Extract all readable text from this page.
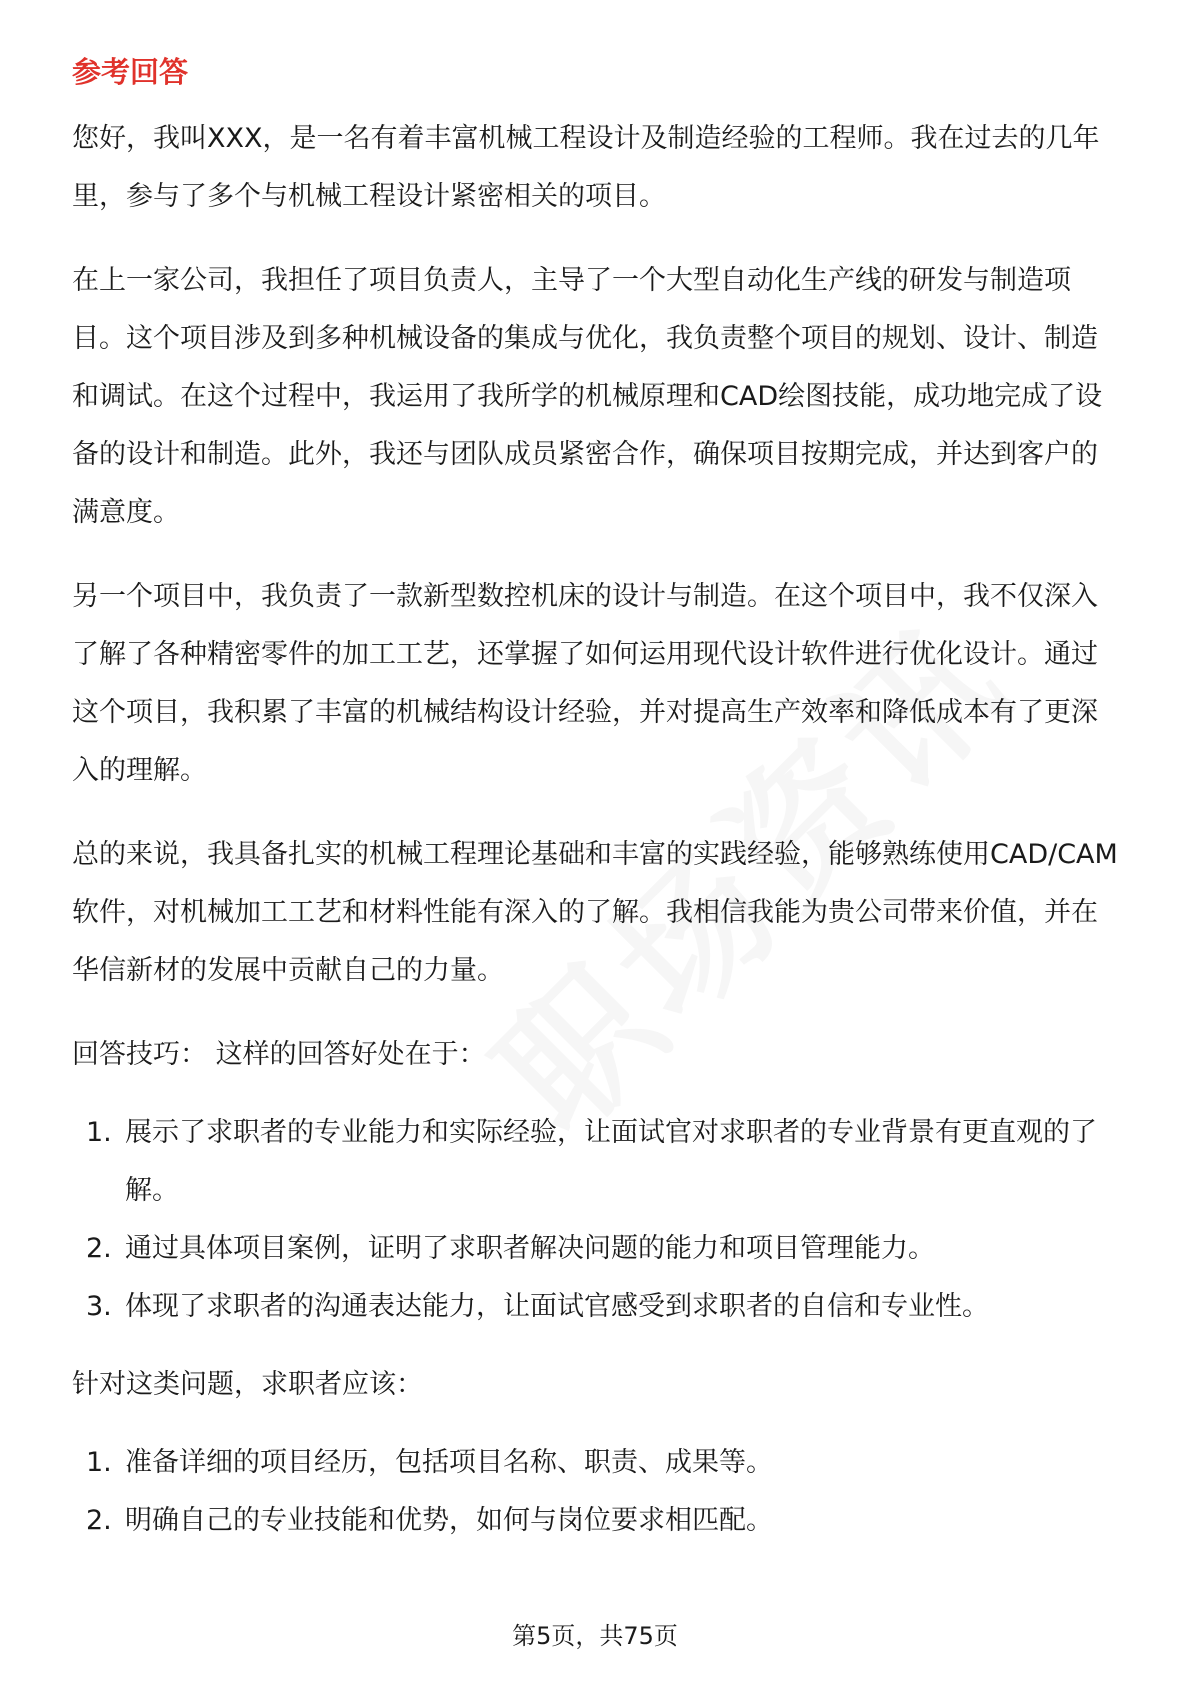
参考回答

您好，我叫XXX，是一名有着丰富机械工程设计及制造经验的工程师。我在过去的几年里，参与了多个与机械工程设计紧密相关的项目。

在上一家公司，我担任了项目负责人，主导了一个大型自动化生产线的研发与制造项目。这个项目涉及到多种机械设备的集成与优化，我负责整个项目的规划、设计、制造和调试。在这个过程中，我运用了我所学的机械原理和CAD绘图技能，成功地完成了设备的设计和制造。此外，我还与团队成员紧密合作，确保项目按期完成，并达到客户的满意度。

另一个项目中，我负责了一款新型数控机床的设计与制造。在这个项目中，我不仅深入了解了各种精密零件的加工工艺，还掌握了如何运用现代设计软件进行优化设计。通过这个项目，我积累了丰富的机械结构设计经验，并对提高生产效率和降低成本有了更深入的理解。

总的来说，我具备扎实的机械工程理论基础和丰富的实践经验，能够熟练使用CAD/CAM软件，对机械加工工艺和材料性能有深入的了解。我相信我能为贵公司带来价值，并在华信新材的发展中贡献自己的力量。

回答技巧： 这样的回答好处在于：

1. 展示了求职者的专业能力和实际经验，让面试官对求职者的专业背景有更直观的了解。
2. 通过具体项目案例，证明了求职者解决问题的能力和项目管理能力。
3. 体现了求职者的沟通表达能力，让面试官感受到求职者的自信和专业性。

针对这类问题，求职者应该：

1. 准备详细的项目经历，包括项目名称、职责、成果等。
2. 明确自己的专业技能和优势，如何与岗位要求相匹配。
第5页，共75页
